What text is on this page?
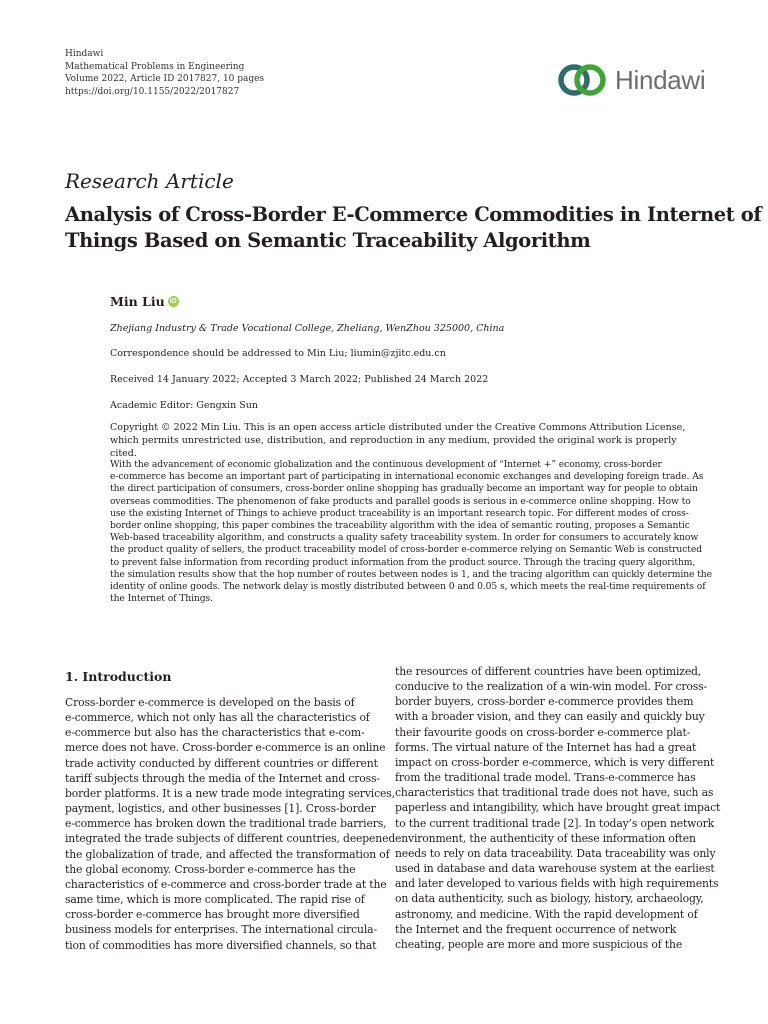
Hindawi
Mathematical Problems in Engineering
Volume 2022, Article ID 2017827, 10 pages
https://doi.org/10.1155/2022/2017827	Hindawi
Research Article
Analysis of Cross-Border E-Commerce Commodities in Internet of
Things Based on Semantic Traceability Algorithm
Min Liu iD
Zhejiang Industry & Trade Vocational College, Zheliang, WenZhou 325000, China
Correspondence should be addressed to Min Liu; liumin@zjitc.edu.cn
Received 14 January 2022; Accepted 3 March 2022; Published 24 March 2022
Academic Editor: Gengxin Sun
Copyright © 2022 Min Liu. This is an open access article distributed under the Creative Commons Attribution License, which permits unrestricted use, distribution, and reproduction in any medium, provided the original work is properly cited.
With the advancement of economic globalization and the continuous development of “Internet +” economy, cross-border
e-commerce has become an important part of participating in international economic exchanges and developing foreign trade. As
the direct participation of consumers, cross-border online shopping has gradually become an important way for people to obtain
overseas commodities. The phenomenon of fake products and parallel goods is serious in e-commerce online shopping. How to
use the existing Internet of Things to achieve product traceability is an important research topic. For different modes of cross-
border online shopping, this paper combines the traceability algorithm with the idea of semantic routing, proposes a Semantic
Web-based traceability algorithm, and constructs a quality safety traceability system. In order for consumers to accurately know
the product quality of sellers, the product traceability model of cross-border e-commerce relying on Semantic Web is constructed
to prevent false information from recording product information from the product source. Through the tracing query algorithm,
the simulation results show that the hop number of routes between nodes is 1, and the tracing algorithm can quickly determine the
identity of online goods. The network delay is mostly distributed between 0 and 0.05 s, which meets the real-time requirements of
the Internet of Things.
1. Introduction
Cross-border e-commerce is developed on the basis of
e-commerce, which not only has all the characteristics of
e-commerce but also has the characteristics that e-com-
merce does not have. Cross-border e-commerce is an online
trade activity conducted by different countries or different
tariff subjects through the media of the Internet and cross-
border platforms. It is a new trade mode integrating services,
payment, logistics, and other businesses [1]. Cross-border
e-commerce has broken down the traditional trade barriers,
integrated the trade subjects of different countries, deepened
the globalization of trade, and affected the transformation of
the global economy. Cross-border e-commerce has the
characteristics of e-commerce and cross-border trade at the
same time, which is more complicated. The rapid rise of
cross-border e-commerce has brought more diversified
business models for enterprises. The international circula-
tion of commodities has more diversified channels, so that
the resources of different countries have been optimized,
conducive to the realization of a win-win model. For cross-
border buyers, cross-border e-commerce provides them
with a broader vision, and they can easily and quickly buy
their favourite goods on cross-border e-commerce plat-
forms. The virtual nature of the Internet has had a great
impact on cross-border e-commerce, which is very different
from the traditional trade model. Trans-e-commerce has
characteristics that traditional trade does not have, such as
paperless and intangibility, which have brought great impact
to the current traditional trade [2]. In today’s open network
environment, the authenticity of these information often
needs to rely on data traceability. Data traceability was only
used in database and data warehouse system at the earliest
and later developed to various fields with high requirements
on data authenticity, such as biology, history, archaeology,
astronomy, and medicine. With the rapid development of
the Internet and the frequent occurrence of network
cheating, people are more and more suspicious of the
